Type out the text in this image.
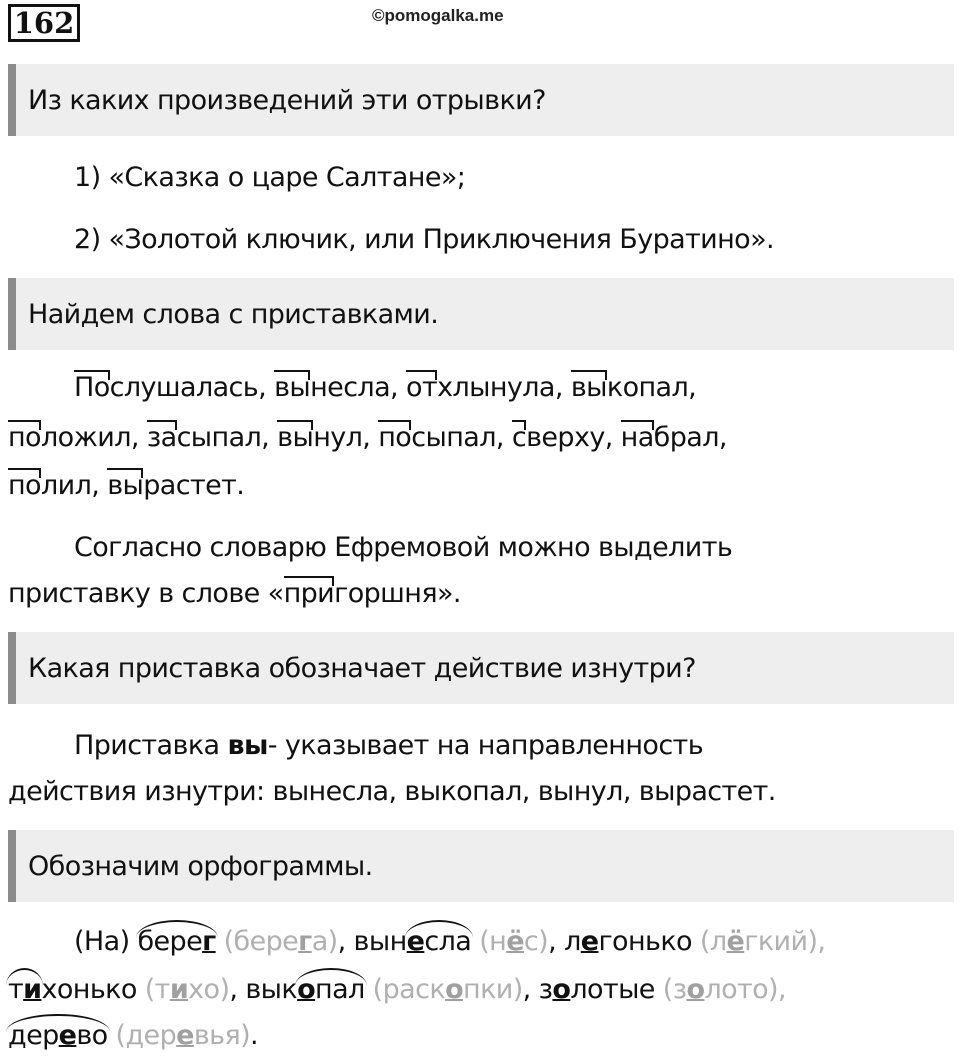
162	©pomogalka.me
Из каких произведений эти отрывки?
1) «Сказка о царе Салтане»;
2) «Золотой ключик, или Приключения Буратино».
Найдем слова с приставками.
Послушалась, вынесла, отхлынула, выкопал,
положил, засыпал, вынул, посыпал, сверху, набрал,
полил, вырастет.
Согласно словарю Ефремовой можно выделить
приставку в слове «пригоршня».
Какая приставка обозначает действие изнутри?
Приставка вы- указывает на направленность
действия изнутри: вынесла, выкопал, вынул, вырастет.
Обозначим орфограммы.
(На) берег (берега), вынесла (нёс), легонько (лёгкий),
тихонько (тихо), выкопал (раскопки), золотые (золото),
дерево (деревья).
